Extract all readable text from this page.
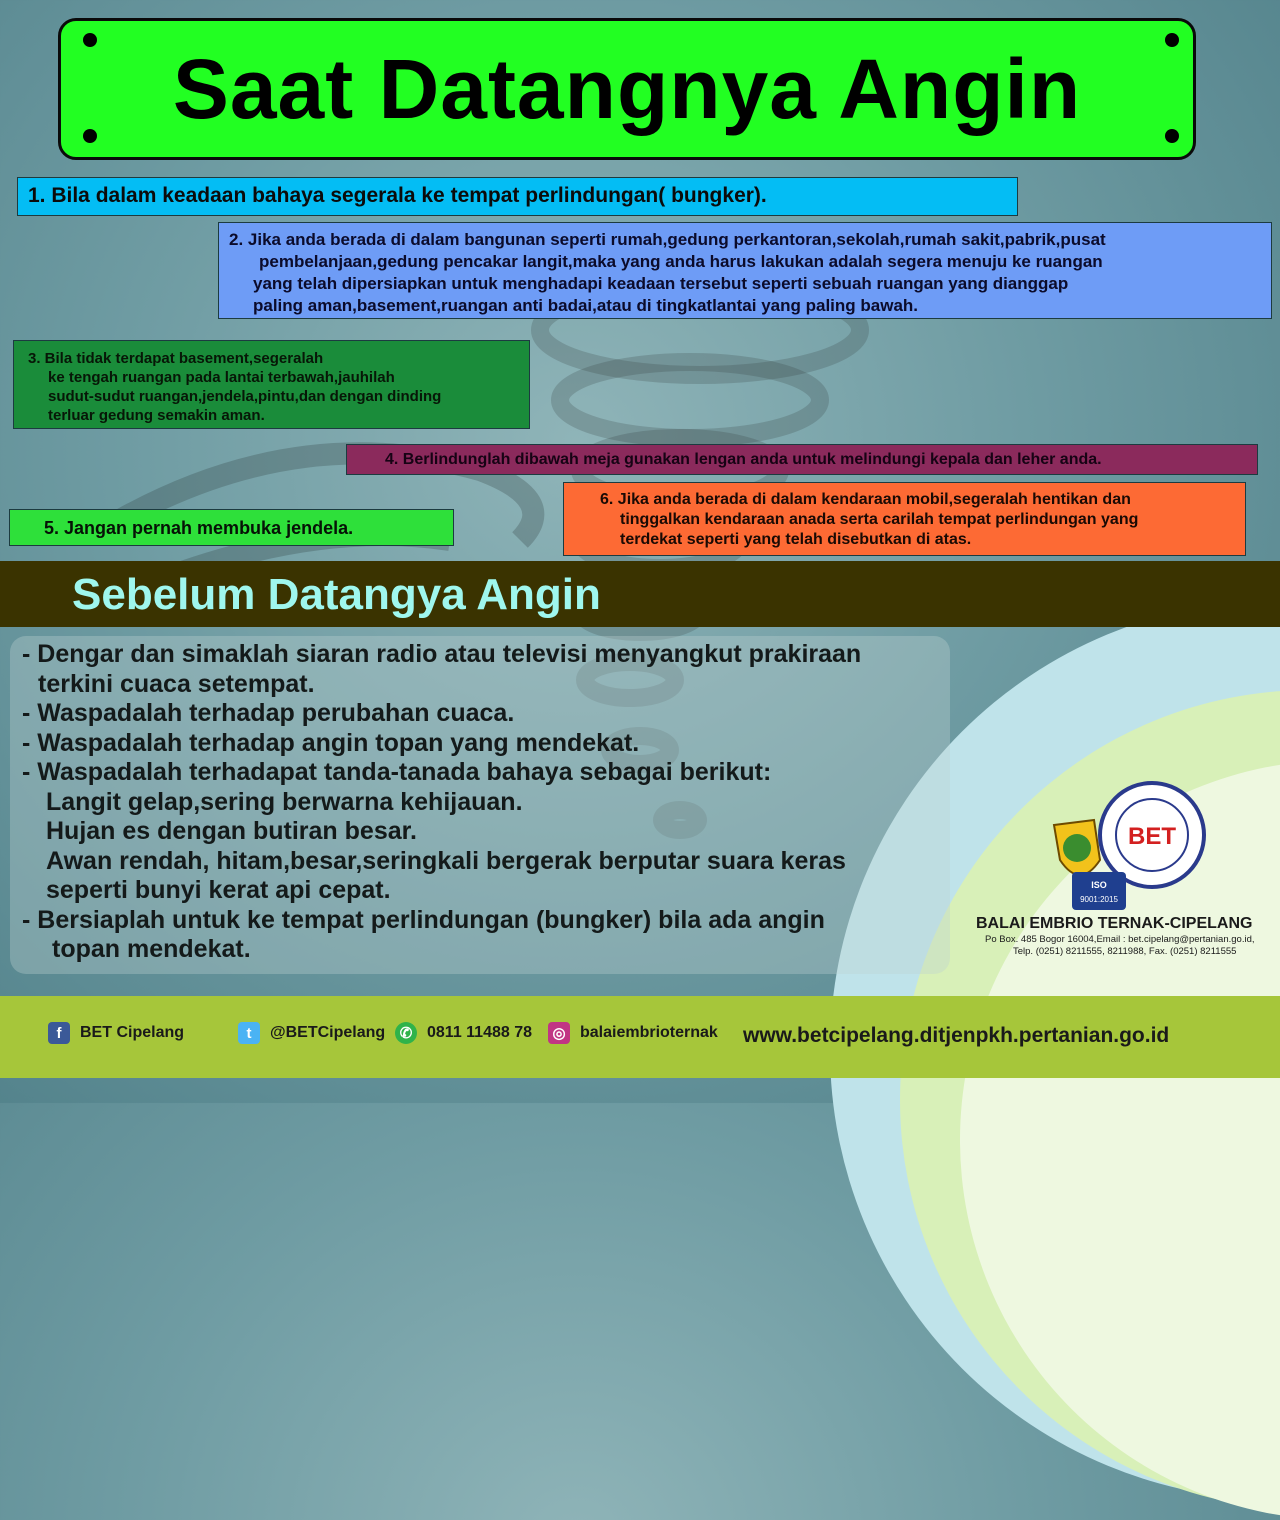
Saat Datangnya Angin
1. Bila dalam keadaan bahaya segerala ke tempat perlindungan( bungker).
2. Jika anda berada di dalam bangunan seperti rumah,gedung perkantoran,sekolah,rumah sakit,pabrik,pusat
pembelanjaan,gedung pencakar langit,maka yang anda harus lakukan adalah segera menuju ke ruangan
yang telah dipersiapkan untuk menghadapi keadaan tersebut seperti sebuah ruangan yang dianggap
paling aman,basement,ruangan anti badai,atau di tingkatlantai yang paling bawah.
3. Bila tidak terdapat basement,segeralah
ke tengah ruangan pada lantai terbawah,jauhilah
sudut-sudut ruangan,jendela,pintu,dan dengan dinding
terluar gedung semakin aman.
4. Berlindunglah dibawah meja gunakan lengan anda untuk melindungi kepala dan leher anda.
5. Jangan pernah membuka jendela.
6. Jika anda berada di dalam kendaraan mobil,segeralah hentikan dan
tinggalkan kendaraan anada serta carilah tempat perlindungan yang
terdekat seperti yang telah disebutkan di atas.
Sebelum Datangya Angin
- Dengar dan simaklah siaran radio atau televisi menyangkut prakiraan
terkini cuaca setempat.
- Waspadalah terhadap perubahan cuaca.
- Waspadalah terhadap angin topan yang mendekat.
- Waspadalah terhadapat tanda-tanada bahaya sebagai berikut:
Langit gelap,sering berwarna kehijauan.
Hujan es dengan butiran besar.
Awan rendah, hitam,besar,seringkali bergerak berputar suara keras
seperti bunyi kerat api cepat.
- Bersiaplah untuk ke tempat perlindungan (bungker) bila ada angin
topan mendekat.
BET
ISO
9001:2015
BALAI EMBRIO TERNAK-CIPELANG
Po Box. 485 Bogor 16004,Email : bet.cipelang@pertanian.go.id,
Telp. (0251) 8211555, 8211988, Fax. (0251) 8211555
f	BET Cipelang	t	@BETCipelang ✆ 0811 11488 78 ◎ balaiembrioternak www.betcipelang.ditjenpkh.pertanian.go.id
